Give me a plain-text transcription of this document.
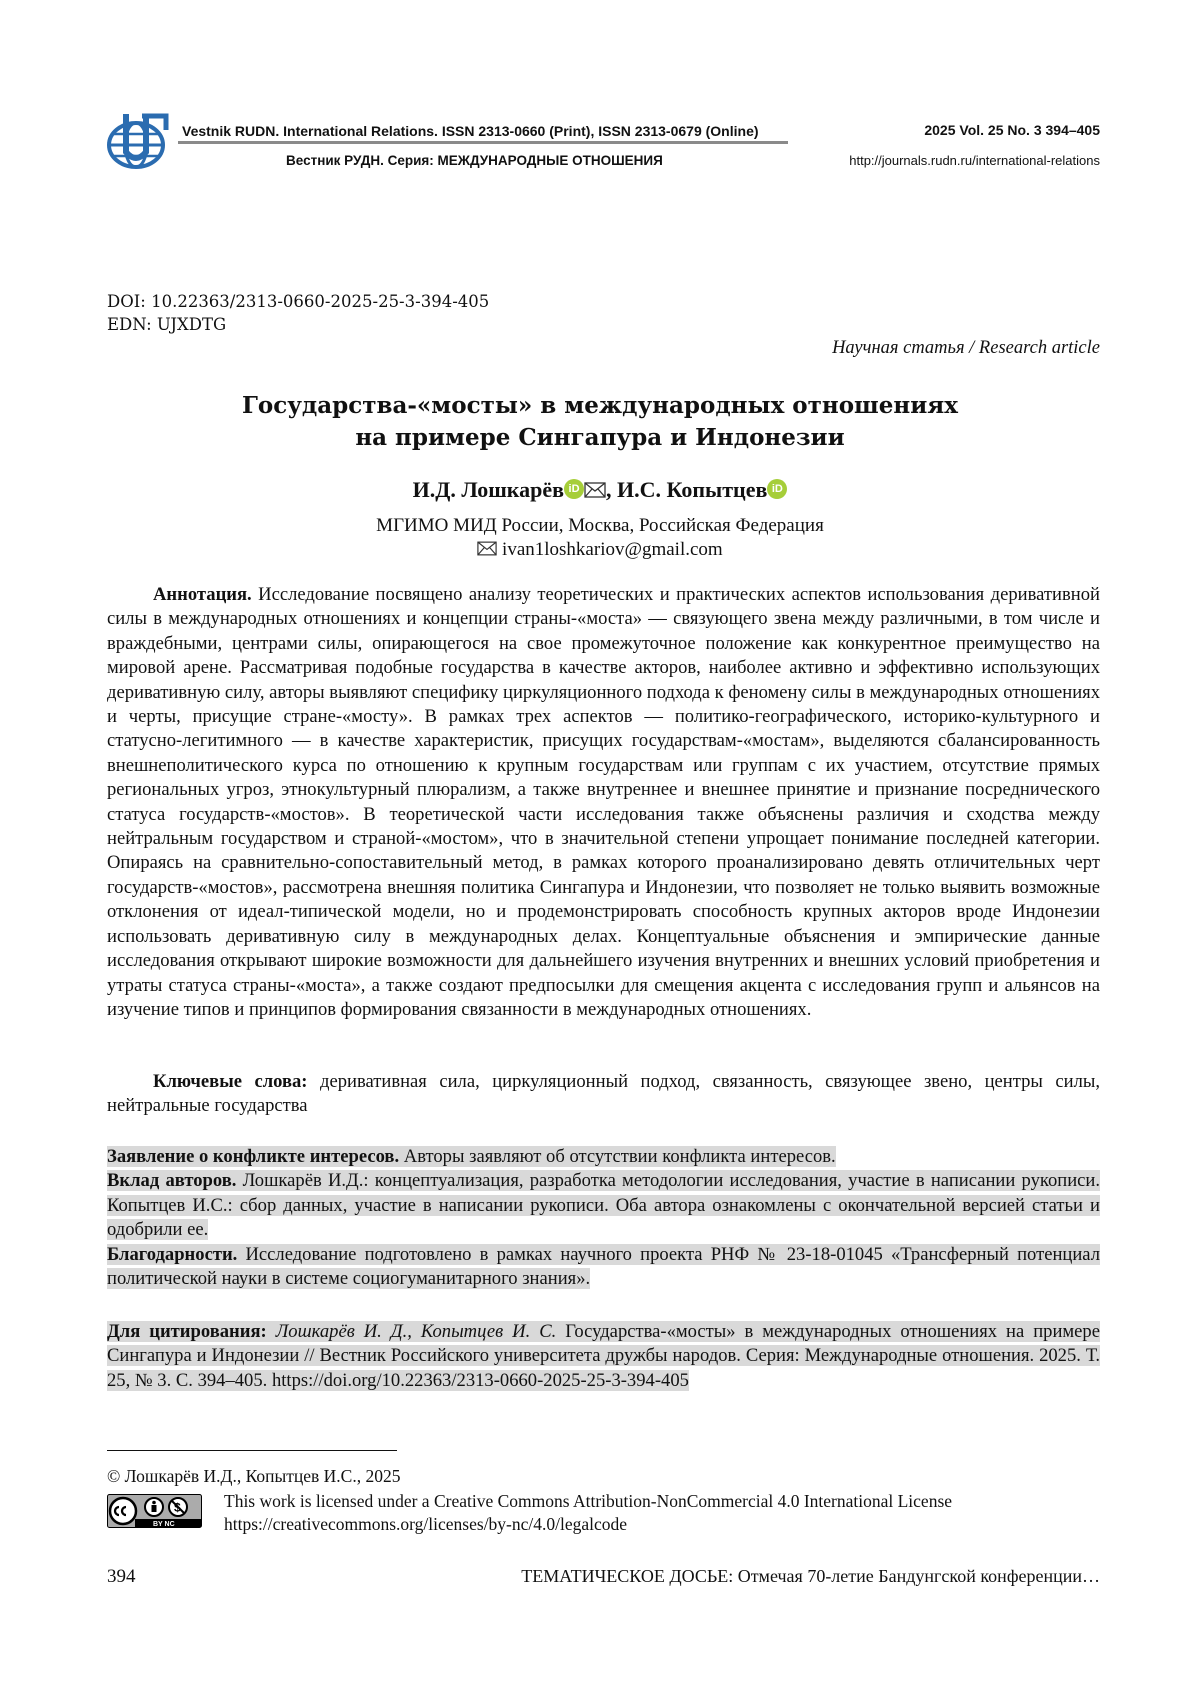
Vestnik RUDN. International Relations. ISSN 2313-0660 (Print), ISSN 2313-0679 (Online)
Вестник РУДН. Серия: МЕЖДУНАРОДНЫЕ ОТНОШЕНИЯ
2025 Vol. 25 No. 3 394–405
http://journals.rudn.ru/international-relations
DOI: 10.22363/2313-0660-2025-25-3-394-405
EDN: UJXDTG
Научная статья / Research article
Государства-«мосты» в международных отношениях
на примере Сингапура и Индонезии
И.Д. Лошкарёв iD , И.С. Копытцев iD
МГИМО МИД России, Москва, Российская Федерация
ivan1loshkariov@gmail.com
Аннотация. Исследование посвящено анализу теоретических и практических аспектов использования деривативной силы в международных отношениях и концепции страны-«моста» — связующего звена между различными, в том числе и враждебными, центрами силы, опирающегося на свое промежуточное положение как конкурентное преимущество на мировой арене. Рассматривая подобные государства в качестве акторов, наиболее активно и эффективно использующих деривативную силу, авторы выявляют специфику циркуляционного подхода к феномену силы в международных отношениях и черты, присущие стране-«мосту». В рамках трех аспектов — политико-географического, историко-культурного и статусно-легитимного — в качестве характеристик, присущих государствам-«мостам», выделяются сбалансированность внешнеполитического курса по отношению к крупным государствам или группам с их участием, отсутствие прямых региональных угроз, этнокультурный плюрализм, а также внутреннее и внешнее принятие и признание посреднического статуса государств-«мостов». В теоретической части исследования также объяснены различия и сходства между нейтральным государством и страной-«мостом», что в значительной степени упрощает понимание последней категории. Опираясь на сравнительно-сопоставительный метод, в рамках которого проанализировано девять отличительных черт государств-«мостов», рассмотрена внешняя политика Сингапура и Индонезии, что позволяет не только выявить возможные отклонения от идеал-типической модели, но и продемонстрировать способность крупных акторов вроде Индонезии использовать деривативную силу в международных делах. Концептуальные объяснения и эмпирические данные исследования открывают широкие возможности для дальнейшего изучения внутренних и внешних условий приобретения и утраты статуса страны-«моста», а также создают предпосылки для смещения акцента с исследования групп и альянсов на изучение типов и принципов формирования связанности в международных отношениях.
Ключевые слова: деривативная сила, циркуляционный подход, связанность, связующее звено, центры силы, нейтральные государства

Заявление о конфликте интересов. Авторы заявляют об отсутствии конфликта интересов.

Вклад авторов. Лошкарёв И.Д.: концептуализация, разработка методологии исследования, участие в написании рукописи. Копытцев И.С.: сбор данных, участие в написании рукописи. Оба автора ознакомлены с окончательной версией статьи и одобрили ее.

Благодарности. Исследование подготовлено в рамках научного проекта РНФ № 23-18-01045 «Трансферный потенциал политической науки в системе социогуманитарного знания».

Для цитирования: Лошкарёв И. Д., Копытцев И. С. Государства-«мосты» в международных отношениях на примере Сингапура и Индонезии // Вестник Российского университета дружбы народов. Серия: Международные отношения. 2025. Т. 25, № 3. С. 394–405. https://doi.org/10.22363/2313-0660-2025-25-3-394-405
© Лошкарёв И.Д., Копытцев И.С., 2025
BY NC
This work is licensed under a Creative Commons Attribution-NonCommercial 4.0 International License
https://creativecommons.org/licenses/by-nc/4.0/legalcode
394	ТЕМАТИЧЕСКОЕ ДОСЬЕ: Отмечая 70-летие Бандунгской конференции…
